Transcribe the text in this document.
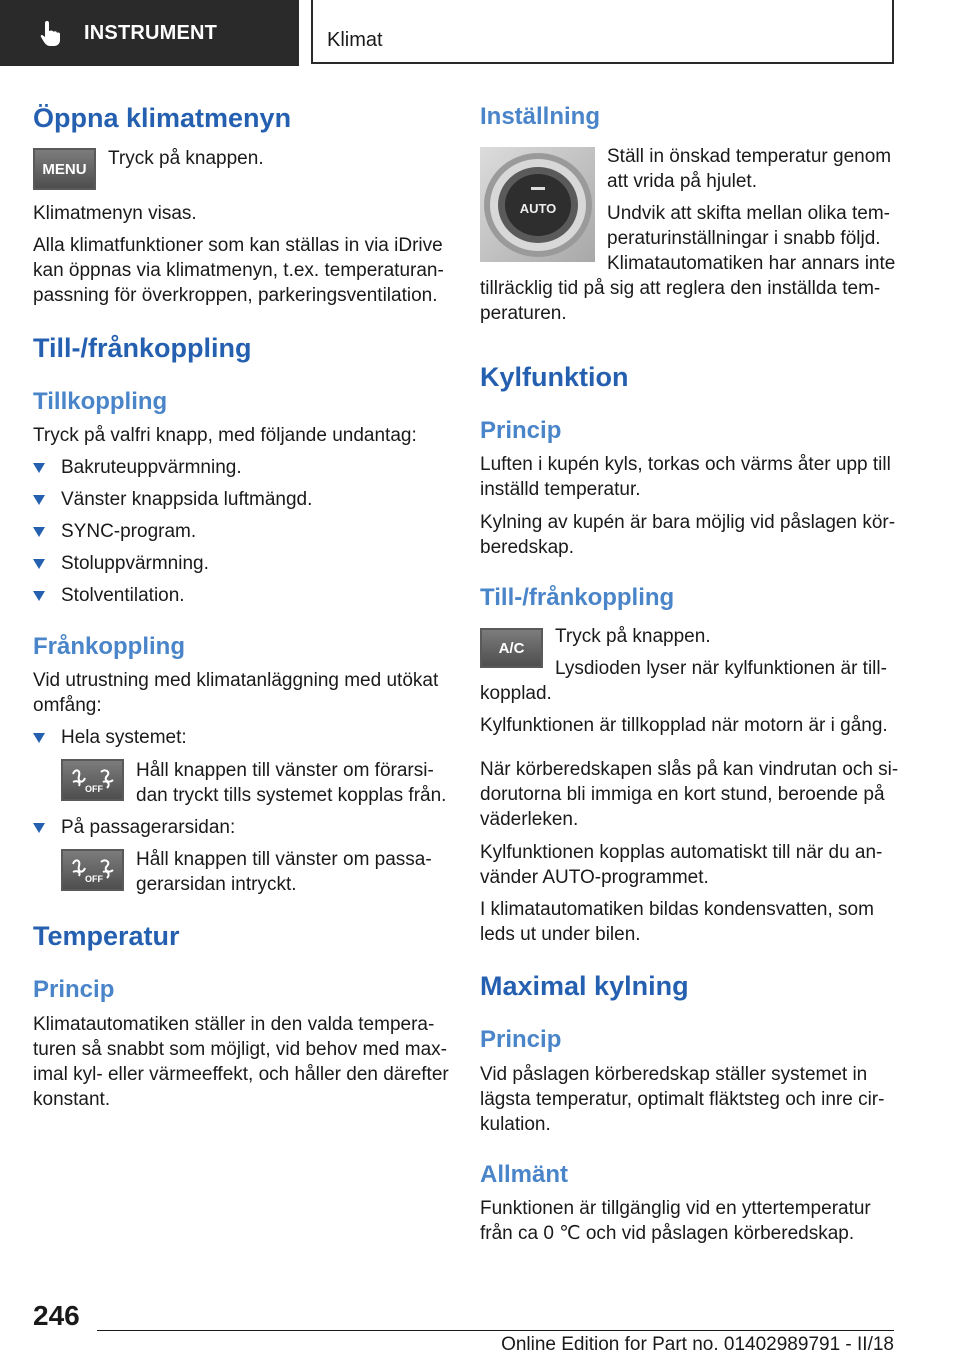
INSTRUMENT	Klimat
Öppna klimatmenyn
MENU Tryck på knappen.

Klimatmenyn visas.

Alla klimatfunktioner som kan ställas in via iDrive
kan öppnas via klimatmenyn, t.ex. temperaturan-
passning för överkroppen, parkeringsventilation.

Till-/frånkoppling
Tillkoppling

Tryck på valfri knapp, med följande undantag:

Bakruteuppvärmning.
Vänster knappsida luftmängd.
SYNC-program.
Stoluppvärmning.
Stolventilation.
Frånkoppling

Vid utrustning med klimatanläggning med utökat
omfång:

Hela systemet:
OFF

Håll knappen till vänster om förarsi-
dan tryckt tills systemet kopplas från.

På passagerarsidan:
OFF

Håll knappen till vänster om passa-
gerarsidan intryckt.

Temperatur
Princip

Klimatautomatiken ställer in den valda tempera-
turen så snabbt som möjligt, vid behov med max-
imal kyl- eller värmeeffekt, och håller den därefter
konstant.

Inställning
AUTO

Ställ in önskad temperatur genom
att vrida på hjulet.

Undvik att skifta mellan olika tem-
peraturinställningar i snabb följd.
Klimatautomatiken har annars inte

tillräcklig tid på sig att reglera den inställda tem-
peraturen.

Kylfunktion
Princip

Luften i kupén kyls, torkas och värms åter upp till
inställd temperatur.

Kylning av kupén är bara möjlig vid påslagen kör-
beredskap.

Till-/frånkoppling
A/C

Tryck på knappen.

Lysdioden lyser när kylfunktionen är till-

kopplad.

Kylfunktionen är tillkopplad när motorn är i gång.

När körberedskapen slås på kan vindrutan och si-
dorutorna bli immiga en kort stund, beroende på
väderleken.

Kylfunktionen kopplas automatiskt till när du an-
vänder AUTO-programmet.

I klimatautomatiken bildas kondensvatten, som
leds ut under bilen.

Maximal kylning
Princip

Vid påslagen körberedskap ställer systemet in
lägsta temperatur, optimalt fläktsteg och inre cir-
kulation.

Allmänt

Funktionen är tillgänglig vid en yttertemperatur
från ca 0 ℃ och vid påslagen körberedskap.

246
Online Edition for Part no. 01402989791 - II/18
